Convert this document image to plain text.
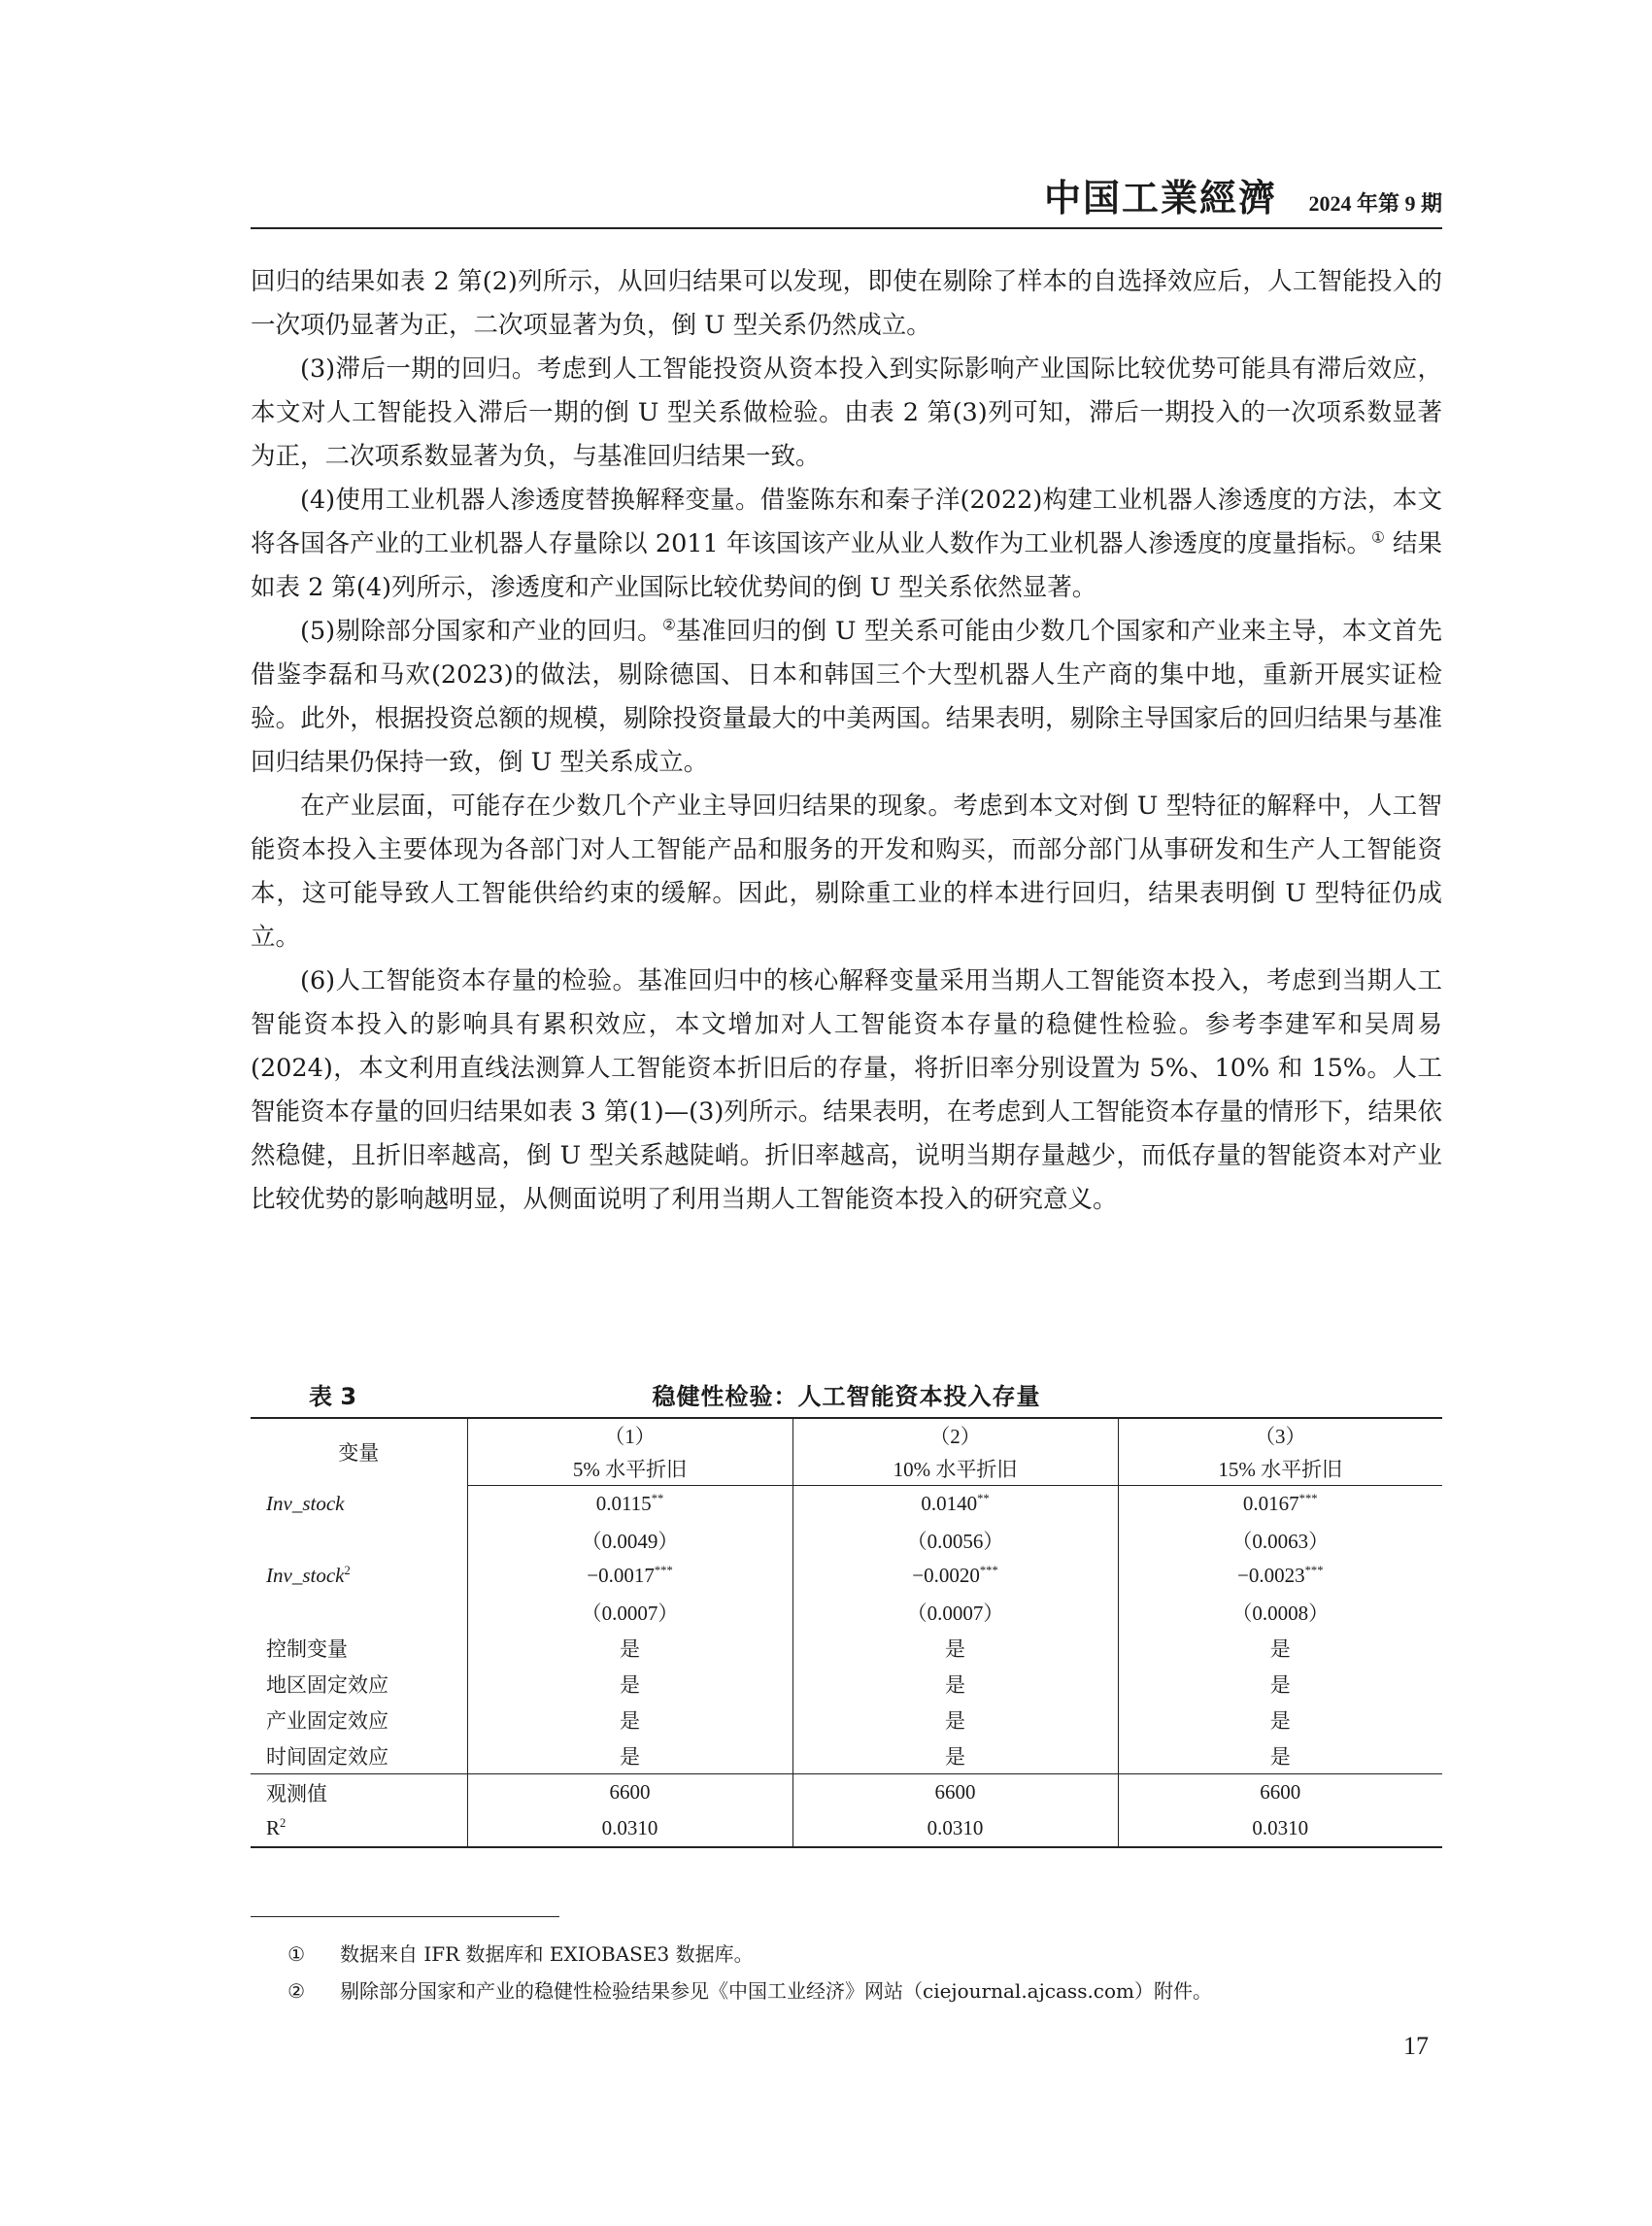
中国工業經濟 2024 年第 9 期

回归的结果如表 2 第(2)列所示，从回归结果可以发现，即使在剔除了样本的自选择效应后，人工智能投入的一次项仍显著为正，二次项显著为负，倒 U 型关系仍然成立。

(3)滞后一期的回归。考虑到人工智能投资从资本投入到实际影响产业国际比较优势可能具有滞后效应，本文对人工智能投入滞后一期的倒 U 型关系做检验。由表 2 第(3)列可知，滞后一期投入的一次项系数显著为正，二次项系数显著为负，与基准回归结果一致。

(4)使用工业机器人渗透度替换解释变量。借鉴陈东和秦子洋(2022)构建工业机器人渗透度的方法，本文将各国各产业的工业机器人存量除以 2011 年该国该产业从业人数作为工业机器人渗透度的度量指标。① 结果如表 2 第(4)列所示，渗透度和产业国际比较优势间的倒 U 型关系依然显著。

(5)剔除部分国家和产业的回归。②基准回归的倒 U 型关系可能由少数几个国家和产业来主导，本文首先借鉴李磊和马欢(2023)的做法，剔除德国、日本和韩国三个大型机器人生产商的集中地，重新开展实证检验。此外，根据投资总额的规模，剔除投资量最大的中美两国。结果表明，剔除主导国家后的回归结果与基准回归结果仍保持一致，倒 U 型关系成立。

在产业层面，可能存在少数几个产业主导回归结果的现象。考虑到本文对倒 U 型特征的解释中，人工智能资本投入主要体现为各部门对人工智能产品和服务的开发和购买，而部分部门从事研发和生产人工智能资本，这可能导致人工智能供给约束的缓解。因此，剔除重工业的样本进行回归，结果表明倒 U 型特征仍成立。

(6)人工智能资本存量的检验。基准回归中的核心解释变量采用当期人工智能资本投入，考虑到当期人工智能资本投入的影响具有累积效应，本文增加对人工智能资本存量的稳健性检验。参考李建军和吴周易(2024)，本文利用直线法测算人工智能资本折旧后的存量，将折旧率分别设置为 5%、10% 和 15%。人工智能资本存量的回归结果如表 3 第(1)—(3)列所示。结果表明，在考虑到人工智能资本存量的情形下，结果依然稳健，且折旧率越高，倒 U 型关系越陡峭。折旧率越高，说明当期存量越少，而低存量的智能资本对产业比较优势的影响越明显，从侧面说明了利用当期人工智能资本投入的研究意义。

表 3	稳健性检验：人工智能资本投入存量
变量	（1）	（2）	（3）
	5% 水平折旧	10% 水平折旧	15% 水平折旧
Inv_stock	0.0115**	0.0140**	0.0167***
	（0.0049）	（0.0056）	（0.0063）
Inv_stock$^2$	−0.0017***	−0.0020***	−0.0023***
	（0.0007）	（0.0007）	（0.0008）
控制变量	是	是	是
地区固定效应	是	是	是
产业固定效应	是	是	是
时间固定效应	是	是	是
观测值	6600	6600	6600
$R^2$	0.0310	0.0310	0.0310
① 数据来自 IFR 数据库和 EXIOBASE3 数据库。
② 剔除部分国家和产业的稳健性检验结果参见《中国工业经济》网站（ciejournal.ajcass.com）附件。
17
